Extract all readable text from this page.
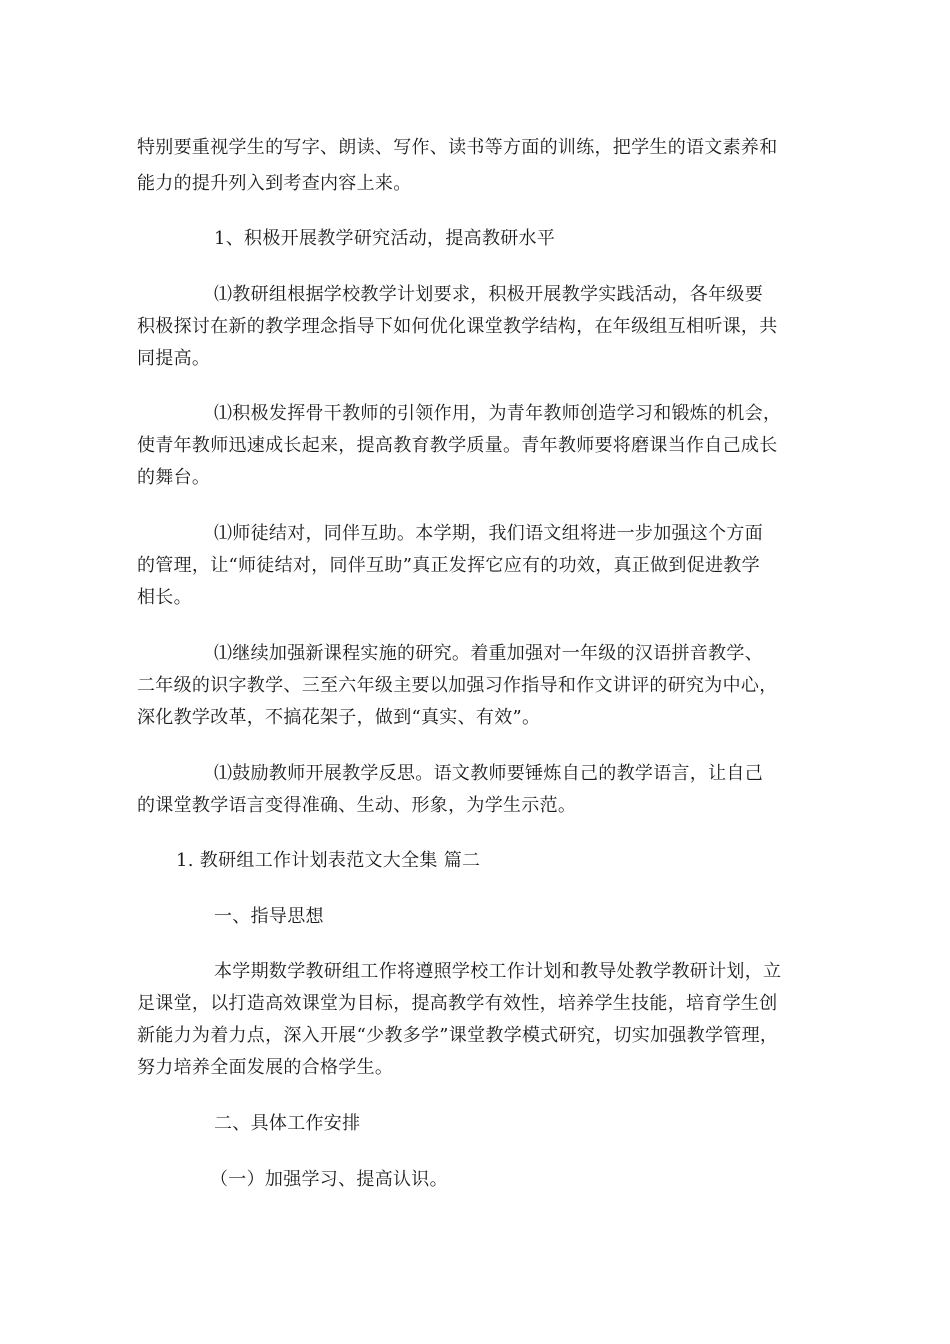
特别要重视学生的写字、朗读、写作、读书等方面的训练，把学生的语文素养和
能力的提升列入到考查内容上来。
1、积极开展教学研究活动，提高教研水平
⑴教研组根据学校教学计划要求，积极开展教学实践活动，各年级要
积极探讨在新的教学理念指导下如何优化课堂教学结构，在年级组互相听课，共
同提高。
⑴积极发挥骨干教师的引领作用，为青年教师创造学习和锻炼的机会，
使青年教师迅速成长起来，提高教育教学质量。青年教师要将磨课当作自己成长
的舞台。
⑴师徒结对，同伴互助。本学期，我们语文组将进一步加强这个方面
的管理，让“师徒结对，同伴互助”真正发挥它应有的功效，真正做到促进教学
相长。
⑴继续加强新课程实施的研究。着重加强对一年级的汉语拼音教学、
二年级的识字教学、三至六年级主要以加强习作指导和作文讲评的研究为中心，
深化教学改革，不搞花架子，做到“真实、有效”。
⑴鼓励教师开展教学反思。语文教师要锤炼自己的教学语言，让自己
的课堂教学语言变得准确、生动、形象，为学生示范。
1. 教研组工作计划表范文大全集 篇二
一、指导思想
本学期数学教研组工作将遵照学校工作计划和教导处教学教研计划，立
足课堂，以打造高效课堂为目标，提高教学有效性，培养学生技能，培育学生创
新能力为着力点，深入开展“少教多学”课堂教学模式研究，切实加强教学管理，
努力培养全面发展的合格学生。
二、具体工作安排
（一）加强学习、提高认识。
